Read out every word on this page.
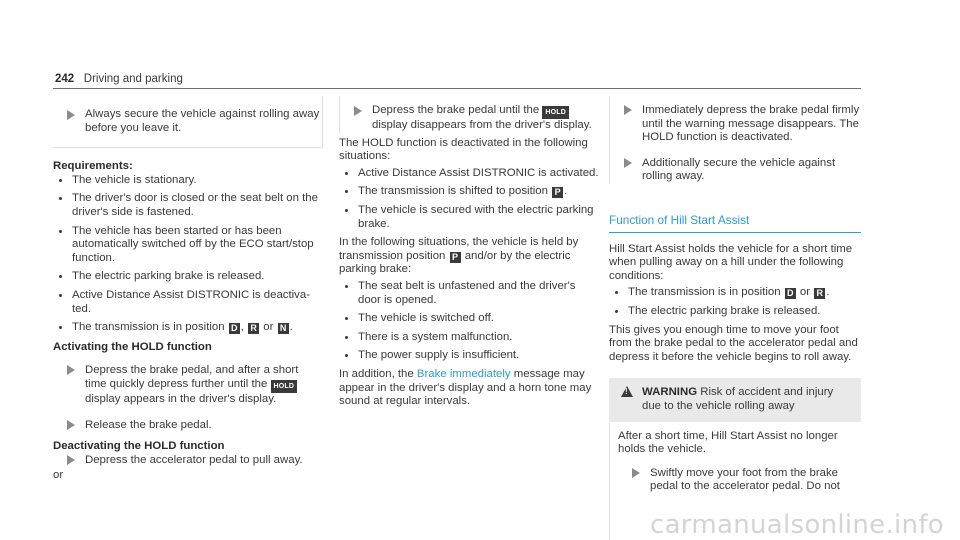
242 Driving and parking
Always secure the vehicle against rolling away before you leave it.

Requirements:

The vehicle is stationary.
The driver's door is closed or the seat belt on the driver's side is fastened.
The vehicle has been started or has been automatically switched off by the ECO start/stop function.
The electric parking brake is released.
Active Distance Assist DISTRONIC is deactivated.
The transmission is in position D , R or N .

Activating the HOLD function

Depress the brake pedal, and after a short time quickly depress further until the HOLD display appears in the driver's display.
Release the brake pedal.

Deactivating the HOLD function

Depress the accelerator pedal to pull away.

or

Depress the brake pedal until the HOLD display disappears from the driver's display.

The HOLD function is deactivated in the following situations:

Active Distance Assist DISTRONIC is activated.
The transmission is shifted to position P .
The vehicle is secured with the electric parking brake.

In the following situations, the vehicle is held by transmission position P and/or by the electric parking brake:

The seat belt is unfastened and the driver's door is opened.
The vehicle is switched off.
There is a system malfunction.
The power supply is insufficient.

In addition, the Brake immediately message may appear in the driver's display and a horn tone may sound at regular intervals.

Immediately depress the brake pedal firmly until the warning message disappears. The HOLD function is deactivated.
Additionally secure the vehicle against rolling away.

Function of Hill Start Assist

Hill Start Assist holds the vehicle for a short time when pulling away on a hill under the following conditions:

The transmission is in position D or R .
The electric parking brake is released.

This gives you enough time to move your foot from the brake pedal to the accelerator pedal and depress it before the vehicle begins to roll away.

!
WARNING Risk of accident and injury due to the vehicle rolling away

After a short time, Hill Start Assist no longer holds the vehicle.

Swiftly move your foot from the brake pedal to the accelerator pedal. Do not
carmanualsonline.info
